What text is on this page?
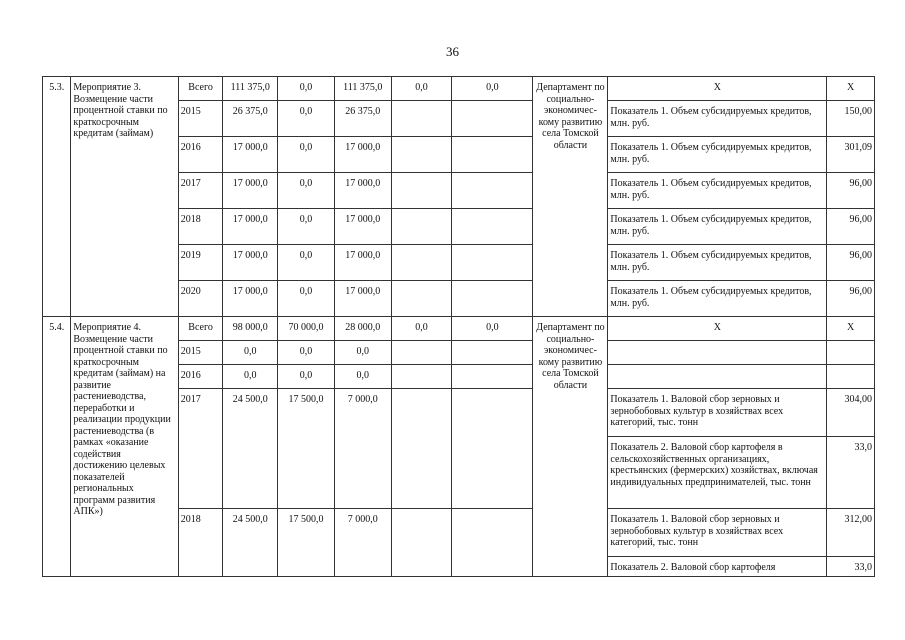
36
5.3.	Мероприятие 3. Возмещение части процентной ставки по краткосрочным кредитам (займам)	Всего	111 375,0	0,0	111 375,0	0,0	0,0	Департамент по социально-экономичес-кому развитию села Томской области	Х	Х
		2015	26 375,0	0,0	26 375,0				Показатель 1. Объем субсидируемых кредитов, млн. руб.	150,00
		2016	17 000,0	0,0	17 000,0				Показатель 1. Объем субсидируемых кредитов, млн. руб.	301,09
		2017	17 000,0	0,0	17 000,0				Показатель 1. Объем субсидируемых кредитов, млн. руб.	96,00
		2018	17 000,0	0,0	17 000,0				Показатель 1. Объем субсидируемых кредитов, млн. руб.	96,00
		2019	17 000,0	0,0	17 000,0				Показатель 1. Объем субсидируемых кредитов, млн. руб.	96,00
		2020	17 000,0	0,0	17 000,0				Показатель 1. Объем субсидируемых кредитов, млн. руб.	96,00
5.4.	Мероприятие 4. Возмещение части процентной ставки по краткосрочным кредитам (займам) на развитие растениеводства, переработки и реализации продукции растениеводства (в рамках «оказание содействия достижению целевых показателей региональных программ развития АПК»)	Всего	98 000,0	70 000,0	28 000,0	0,0	0,0	Департамент по социально-экономичес-кому развитию села Томской области	Х	Х
		2015	0,0	0,0	0,0					
		2016	0,0	0,0	0,0					
		2017	24 500,0	17 500,0	7 000,0				Показатель 1. Валовой сбор зерновых и зернобобовых культур в хозяйствах всех категорий, тыс. тонн	304,00
									Показатель 2. Валовой сбор картофеля в сельскохозяйственных организациях, крестьянских (фермерских) хозяйствах, включая индивидуальных предпринимателей, тыс. тонн	33,0
		2018	24 500,0	17 500,0	7 000,0				Показатель 1. Валовой сбор зерновых и зернобобовых культур в хозяйствах всех категорий, тыс. тонн	312,00
									Показатель 2. Валовой сбор картофеля	33,0
